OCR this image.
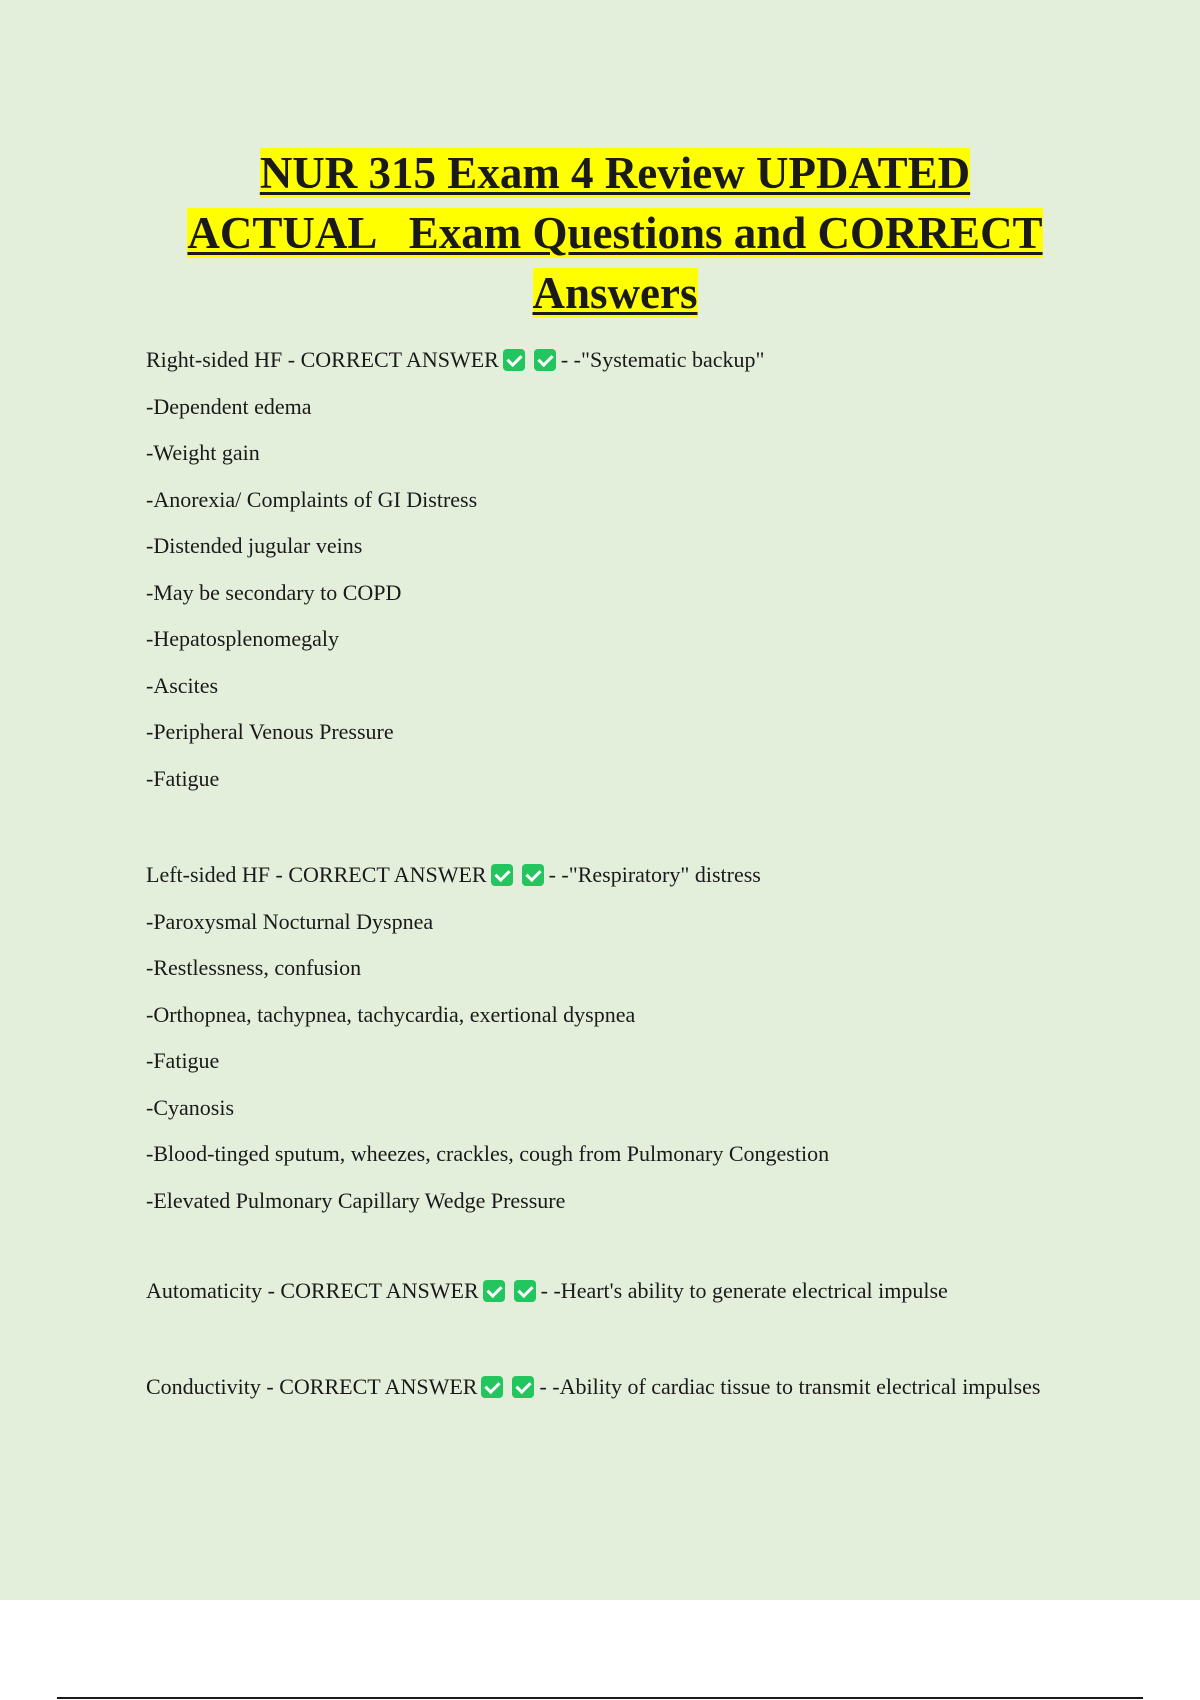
NUR 315 Exam 4 Review UPDATED
ACTUAL   Exam Questions and CORRECT
Answers
Right-sided HF - CORRECT ANSWER	- -"Systematic backup"
-Dependent edema
-Weight gain
-Anorexia/ Complaints of GI Distress
-Distended jugular veins
-May be secondary to COPD
-Hepatosplenomegaly
-Ascites
-Peripheral Venous Pressure
-Fatigue
Left-sided HF - CORRECT ANSWER	- -"Respiratory" distress
-Paroxysmal Nocturnal Dyspnea
-Restlessness, confusion
-Orthopnea, tachypnea, tachycardia, exertional dyspnea
-Fatigue
-Cyanosis
-Blood-tinged sputum, wheezes, crackles, cough from Pulmonary Congestion
-Elevated Pulmonary Capillary Wedge Pressure
Automaticity - CORRECT ANSWER	- -Heart's ability to generate electrical impulse
Conductivity - CORRECT ANSWER	- -Ability of cardiac tissue to transmit electrical impulses
